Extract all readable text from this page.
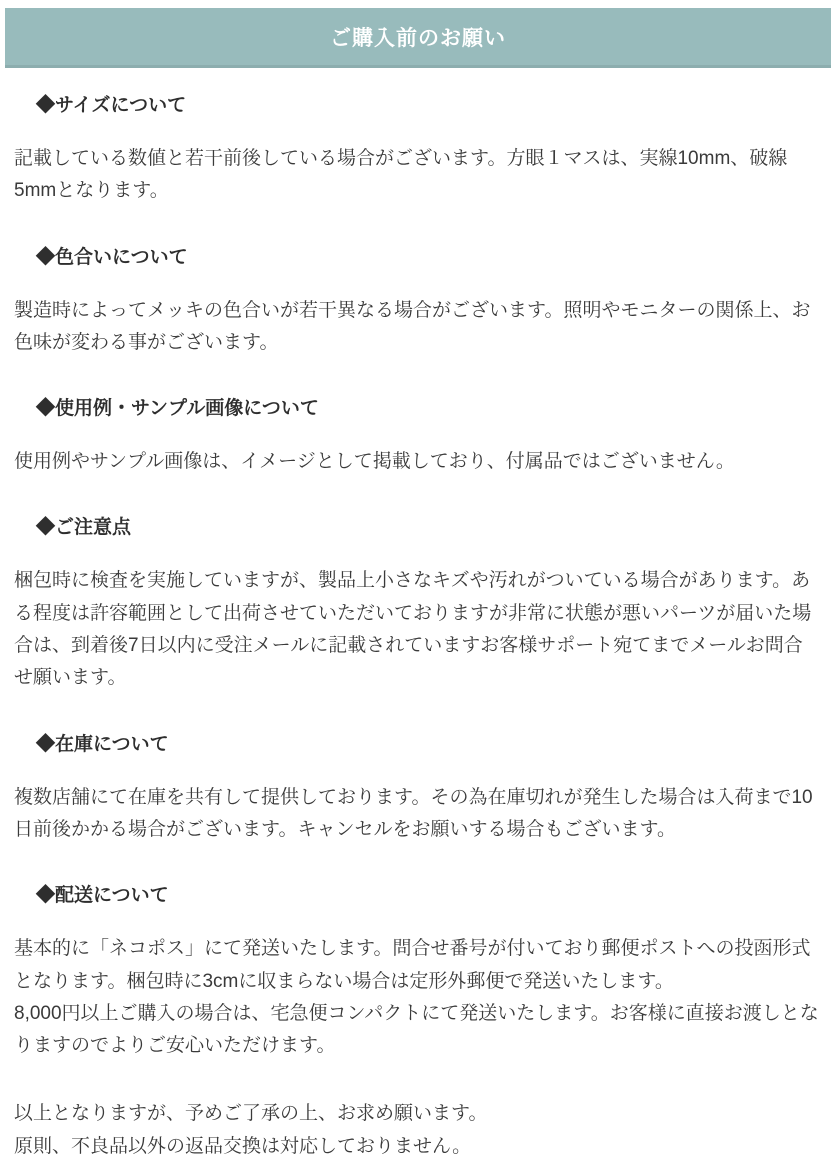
ご購入前のお願い
◆サイズについて

記載している数値と若干前後している場合がございます。方眼１マスは、実線10mm、破線5mmとなります。

◆色合いについて

製造時によってメッキの色合いが若干異なる場合がございます。照明やモニターの関係上、お色味が変わる事がございます。

◆使用例・サンプル画像について

使用例やサンプル画像は、イメージとして掲載しており、付属品ではございません。

◆ご注意点

梱包時に検査を実施していますが、製品上小さなキズや汚れがついている場合があります。ある程度は許容範囲として出荷させていただいておりますが非常に状態が悪いパーツが届いた場合は、到着後7日以内に受注メールに記載されていますお客様サポート宛てまでメールお問合せ願います。

◆在庫について

複数店舗にて在庫を共有して提供しております。その為在庫切れが発生した場合は入荷まで10日前後かかる場合がございます。キャンセルをお願いする場合もございます。

◆配送について

基本的に「ネコポス」にて発送いたします。問合せ番号が付いており郵便ポストへの投函形式となります。梱包時に3cmに収まらない場合は定形外郵便で発送いたします。

8,000円以上ご購入の場合は、宅急便コンパクトにて発送いたします。お客様に直接お渡しとなりますのでよりご安心いただけます。

以上となりますが、予めご了承の上、お求め願います。

原則、不良品以外の返品交換は対応しておりません。
